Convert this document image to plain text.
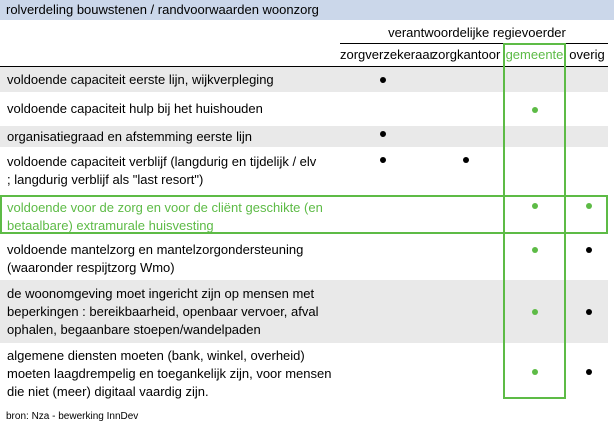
rolverdeling bouwstenen / randvoorwaarden woonzorg
verantwoordelijke regievoerder
zorgverzekeraar
zorgkantoor gemeente overig
voldoende capaciteit eerste lijn, wijkverpleging
voldoende capaciteit hulp bij het huishouden
organisatiegraad en afstemming eerste lijn
voldoende capaciteit verblijf (langdurig en tijdelijk / elv ; langdurig verblijf als "last resort")
voldoende voor de zorg en voor de cliënt geschikte (en betaalbare) extramurale huisvesting
voldoende mantelzorg en mantelzorgondersteuning (waaronder respijtzorg Wmo)
de woonomgeving moet ingericht zijn op mensen met beperkingen : bereikbaarheid, openbaar vervoer, afval ophalen, begaanbare stoepen/wandelpaden
algemene diensten moeten (bank, winkel, overheid) moeten laagdrempelig en toegankelijk zijn, voor mensen die niet (meer) digitaal vaardig zijn.
bron: Nza - bewerking InnDev
